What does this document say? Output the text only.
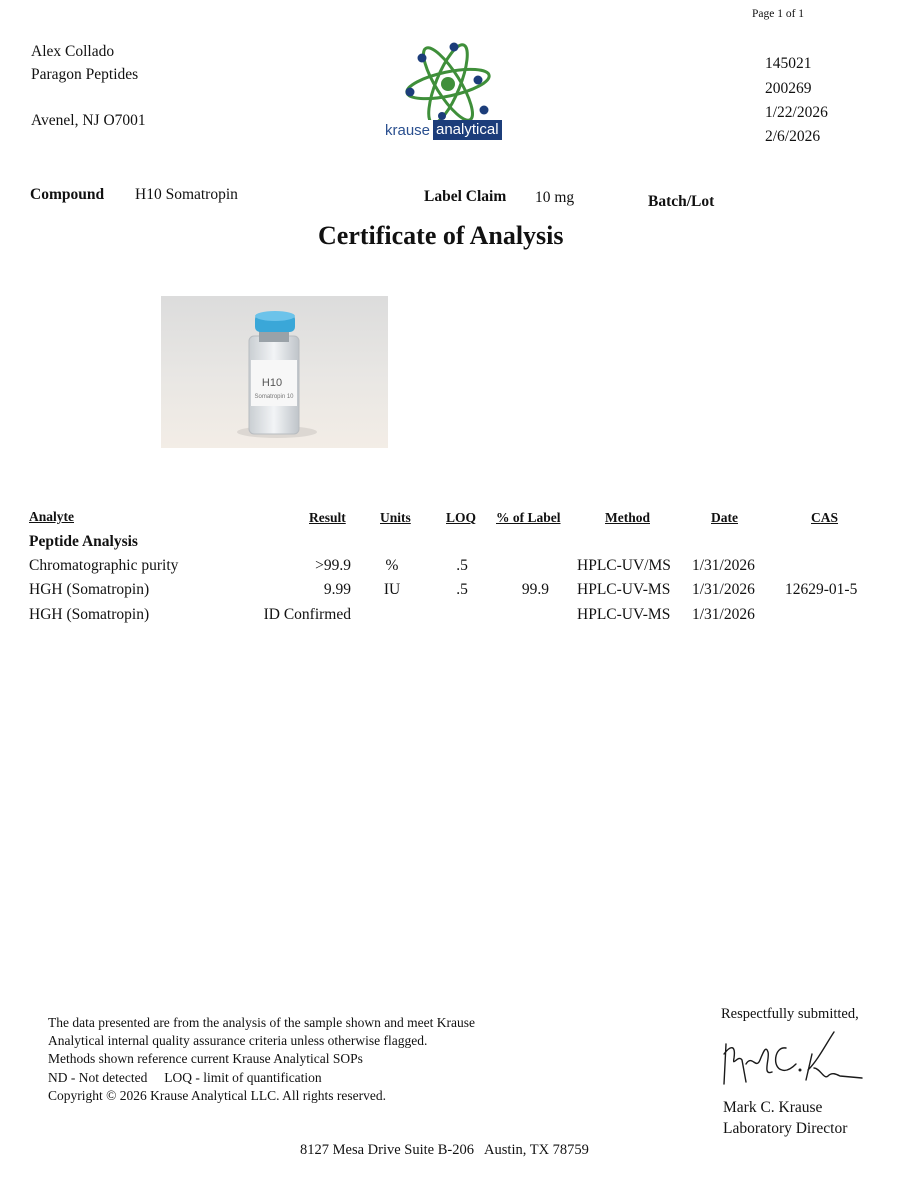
Page 1 of 1
Alex Collado
Paragon Peptides
Avenel, NJ O7001
krause analytical
145021
200269
1/22/2026
2/6/2026
Compound H10 Somatropin	Label Claim 10 mg	Batch/Lot
Certificate of Analysis
H10
Somatropin 10
Analyte	Result	Units	LOQ % of Label	Method	Date	CAS
Peptide Analysis
Chromatographic purity	>99.9	%	.5	HPLC-UV/MS 1/31/2026
HGH (Somatropin)	9.99	IU	.5	99.9 HPLC-UV-MS 1/31/2026 12629-01-5
HGH (Somatropin)	ID Confirmed	HPLC-UV-MS 1/31/2026
The data presented are from the analysis of the sample shown and meet Krause
Analytical internal quality assurance criteria unless otherwise flagged.
Methods shown reference current Krause Analytical SOPs
ND - Not detected     LOQ - limit of quantification
Copyright © 2026 Krause Analytical LLC. All rights reserved.
Respectfully submitted,
Mark C. Krause
Laboratory Director
8127 Mesa Drive Suite B-206   Austin, TX 78759
